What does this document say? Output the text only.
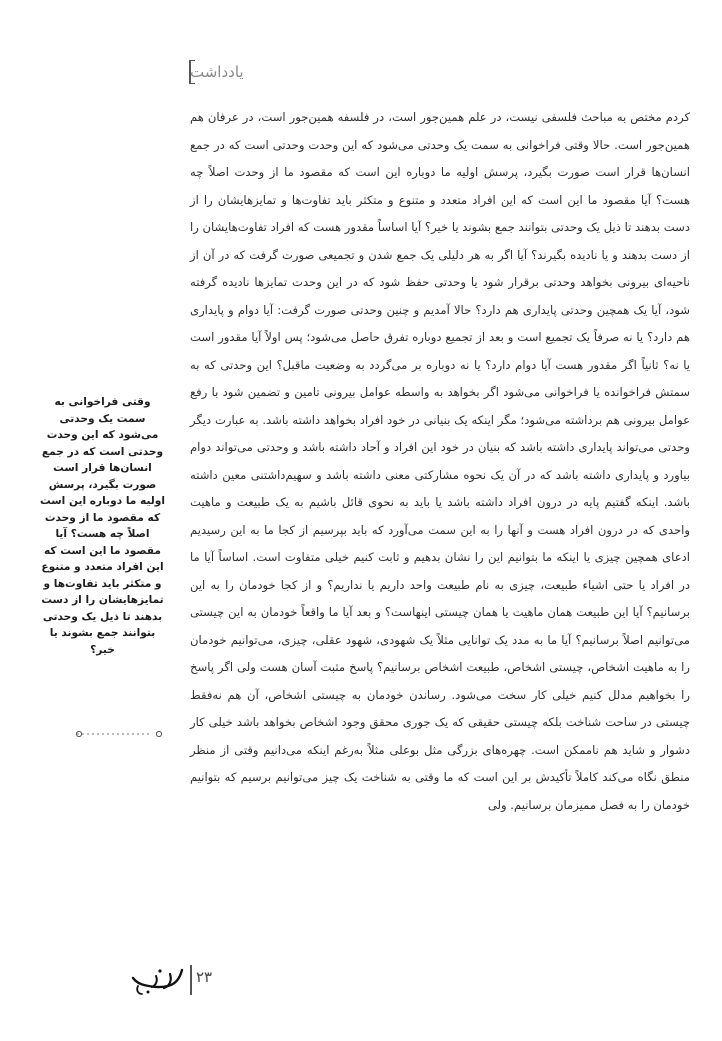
یادداشت

کردم مختص به مباحث فلسفی نیست، در علم همین‌جور است، در فلسفه همین‌جور است، در عرفان هم همین‌جور است. حالا وقتی فراخوانی به سمت یک وحدتی می‌شود که این وحدت وحدتی است که در جمع انسان‌ها قرار است صورت بگیرد، پرسش اولیه ما دوباره این است که مقصود ما از وحدت اصلاً چه هست؟ آیا مقصود ما این است که این افراد متعدد و متنوع و متکثر باید تفاوت‌ها و تمایزهایشان را از دست بدهند تا ذیل یک وحدتی بتوانند جمع بشوند یا خیر؟ آیا اساساً مقدور هست که افراد تفاوت‌هایشان را از دست بدهند و یا نادیده بگیرند؟ آیا اگر به هر دلیلی یک جمع شدن و تجمیعی صورت گرفت که در آن از ناحیه‌ای بیرونی بخواهد وحدتی برقرار شود یا وحدتی حفظ شود که در این وحدت تمایزها نادیده گرفته شود، آیا یک همچین وحدتی پایداری هم دارد؟ حالا آمدیم و چنین وحدتی صورت گرفت: آیا دوام و پایداری هم دارد؟ یا نه صرفاً یک تجمیع است و بعد از تجمیع دوباره تفرق حاصل می‌شود؛ پس اولاً آیا مقدور است یا نه؟ ثانیاً اگر مقدور هست آیا دوام دارد؟ یا نه دوباره بر می‌گردد به وضعیت ماقبل؟ این وحدتی که به سمتش فراخوانده یا فراخوانی می‌شود اگر بخواهد به واسطه عوامل بیرونی تامین و تضمین شود با رفع عوامل بیرونی هم برداشته می‌شود؛ مگر اینکه یک بنیانی در خود افراد بخواهد داشته باشد. به عبارت دیگر وحدتی می‌تواند پایداری داشته باشد که بنیان در خود این افراد و آحاد داشته باشد و وحدتی می‌تواند دوام بیاورد و پایداری داشته باشد که در آن یک نحوه مشارکتی معنی داشته باشد و سهیم‌داشتنی معین داشته باشد. اینکه گفتیم پایه در درون افراد داشته باشد یا باید به نحوی قائل باشیم به یک طبیعت و ماهیت واحدی که در درون افراد هست و آنها را به این سمت می‌آورد که باید بپرسیم از کجا ما به این رسیدیم ادعای همچین چیزی یا اینکه ما بتوانیم این را نشان بدهیم و ثابت کنیم خیلی متفاوت است. اساساً آیا ما در افراد یا حتی اشیاء طبیعت، چیزی به نام طبیعت واحد داریم یا نداریم؟ و از کجا خودمان را به این برسانیم؟ آیا این طبیعت همان ماهیت یا همان چیستی اینهاست؟ و بعد آیا ما واقعاً خودمان به این چیستی می‌توانیم اصلاً برسانیم؟ آیا ما به مدد یک توانایی مثلاً یک شهودی، شهود عقلی، چیزی، می‌توانیم خودمان را به ماهیت اشخاص، چیستی اشخاص، طبیعت اشخاص برسانیم؟ پاسخ مثبت آسان هست ولی اگر پاسخ را بخواهیم مدلل کنیم خیلی کار سخت می‌شود. رساندن خودمان به چیستی اشخاص، آن هم نه‌فقط چیستی در ساحت شناخت بلکه چیستی حقیقی که یک جوری محقق وجود اشخاص بخواهد باشد خیلی کار دشوار و شاید هم ناممکن است. چهره‌های بزرگی مثل بوعلی مثلاً به‌رغم اینکه می‌دانیم وقتی از منظر منطق نگاه می‌کند کاملاً تأکیدش بر این است که ما وقتی به شناخت یک چیز می‌توانیم برسیم که بتوانیم خودمان را به فصل ممیزمان برسانیم. ولی

وقتی فراخوانی به سمت یک وحدتی می‌شود که این وحدت وحدتی است که در جمع انسان‌ها قرار است صورت بگیرد، پرسش اولیه ما دوباره این است که مقصود ما از وحدت اصلاً چه هست؟ آیا مقصود ما این است که این افراد متعدد و متنوع و متکثر باید تفاوت‌ها و تمایزهایشان را از دست بدهند تا ذیل یک وحدتی بتوانند جمع بشوند یا خیر؟
۲۳
